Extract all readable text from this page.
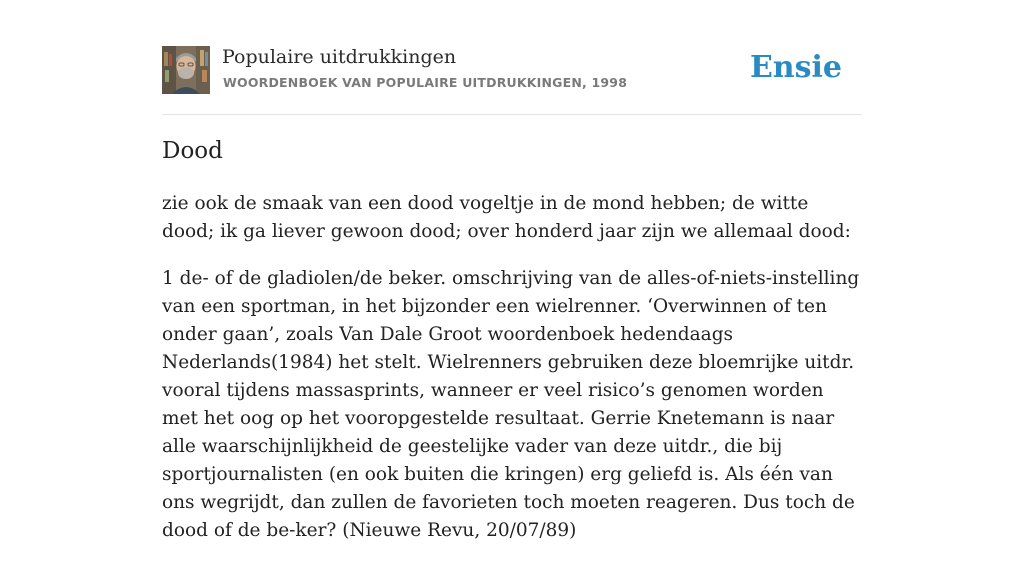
Populaire uitdrukkingen
WOORDENBOEK VAN POPULAIRE UITDRUKKINGEN, 1998	Ensie
Dood

zie ook de smaak van een dood vogeltje in de mond hebben; de witte dood; ik ga liever gewoon dood; over honderd jaar zijn we allemaal dood:

1 de- of de gladiolen/de beker. omschrijving van de alles-of-niets-instelling van een sportman, in het bijzonder een wielrenner. ‘Overwinnen of ten onder gaan’, zoals Van Dale Groot woordenboek hedendaags Nederlands(1984) het stelt. Wielrenners gebruiken deze bloemrijke uitdr. vooral tijdens massasprints, wanneer er veel risico’s genomen worden met het oog op het vooropgestelde resultaat. Gerrie Knetemann is naar alle waarschijnlijkheid de geestelijke vader van deze uitdr., die bij sportjournalisten (en ook buiten die kringen) erg geliefd is. Als één van ons wegrijdt, dan zullen de favorieten toch moeten reageren. Dus toch de dood of de be-ker? (Nieuwe Revu, 20/07/89)
